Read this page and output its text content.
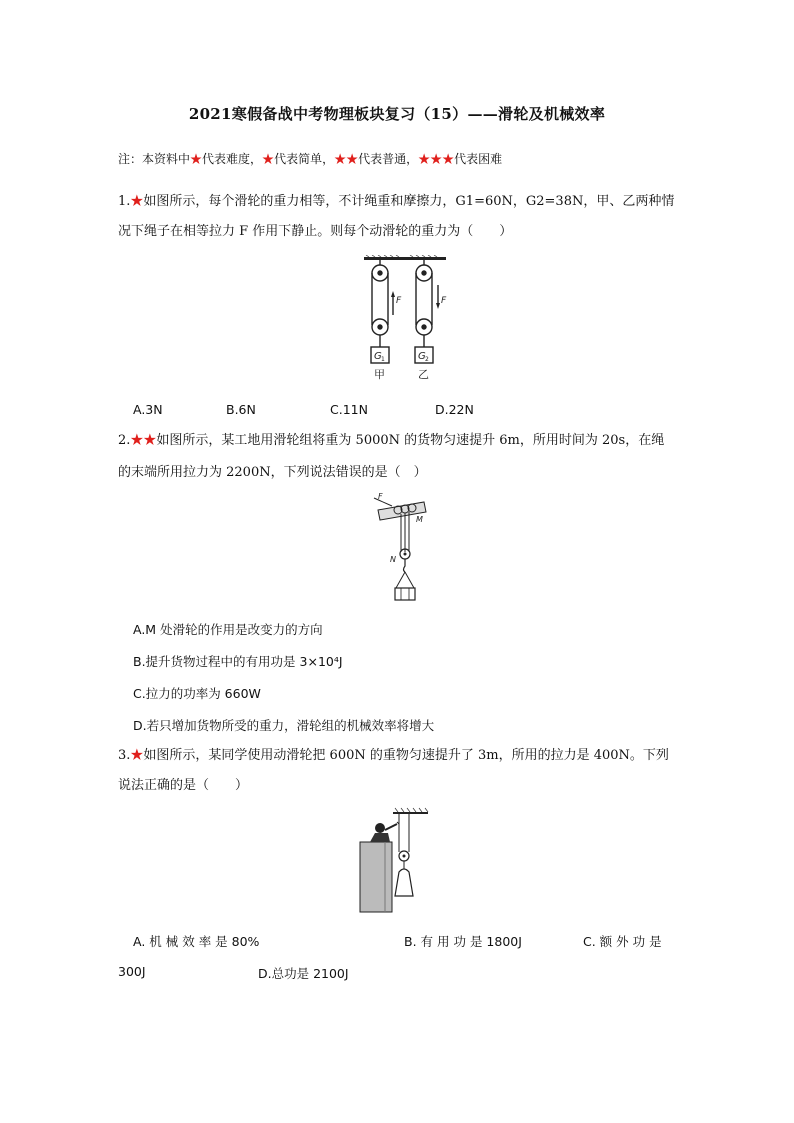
2021寒假备战中考物理板块复习（15）——滑轮及机械效率
注：本资料中★代表难度，★代表简单，★★代表普通，★★★代表困难
1.★如图所示，每个滑轮的重力相等，不计绳重和摩擦力，G1=60N，G2=38N，甲、乙两种情
况下绳子在相等拉力 F 作用下静止。则每个动滑轮的重力为（　　）
F
G 1
甲
F
G 2
乙
A.3N	B.6N	C.11N	D.22N
2.★★如图所示，某工地用滑轮组将重为 5000N 的货物匀速提升 6m，所用时间为 20s，在绳
的末端所用拉力为 2200N，下列说法错误的是（　）
F
M
N
A.M 处滑轮的作用是改变力的方向
B.提升货物过程中的有用功是 3×10⁴J
C.拉力的功率为 660W
D.若只增加货物所受的重力，滑轮组的机械效率将增大
3.★如图所示，某同学使用动滑轮把 600N 的重物匀速提升了 3m，所用的拉力是 400N。下列
说法正确的是（　　）
A. 机 械 效 率 是 80%	B. 有 用 功 是 1800J	C. 额 外 功 是
300J	D.总功是 2100J
